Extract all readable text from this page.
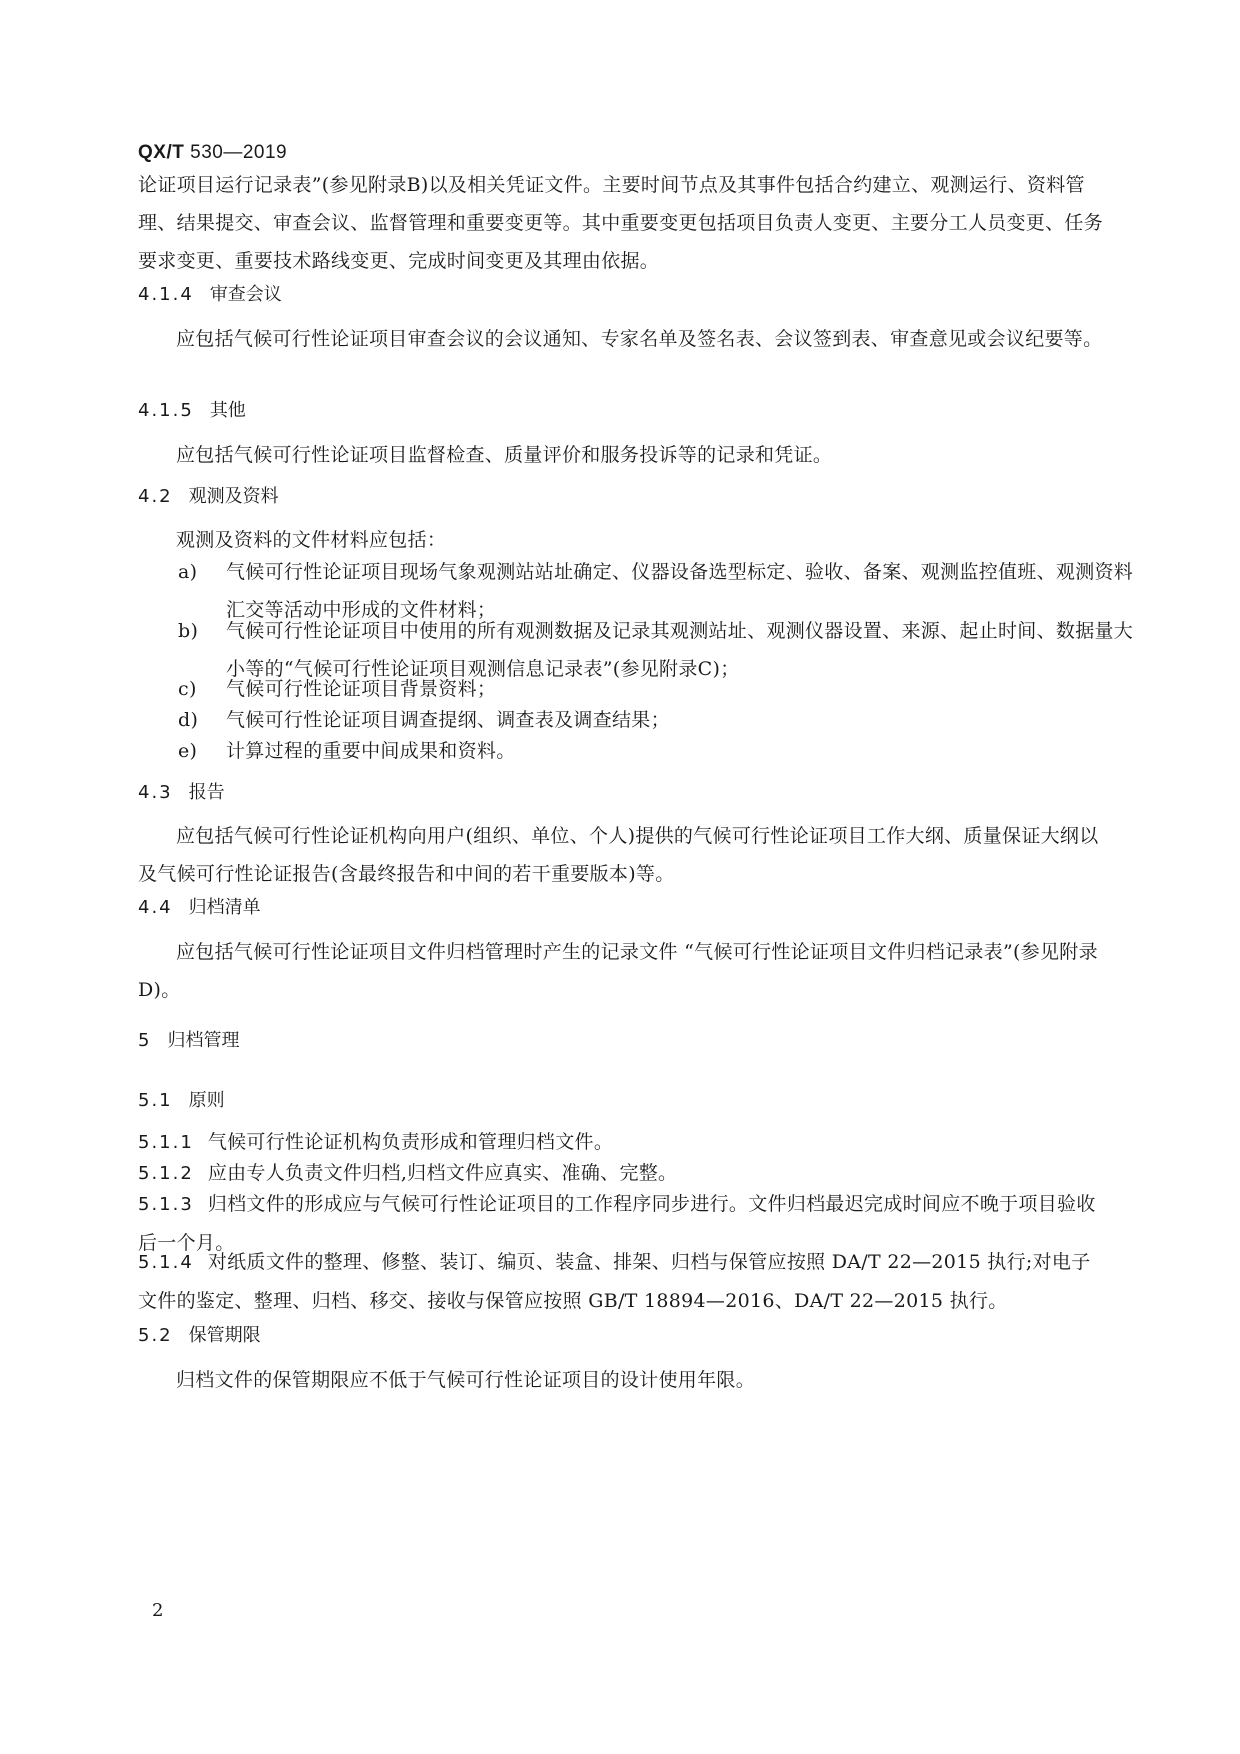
QX/T 530—2019

论证项目运行记录表”(参见附录B)以及相关凭证文件。主要时间节点及其事件包括合约建立、观测运行、资料管理、结果提交、审查会议、监督管理和重要变更等。其中重要变更包括项目负责人变更、主要分工人员变更、任务要求变更、重要技术路线变更、完成时间变更及其理由依据。

4.1.4 审查会议

应包括气候可行性论证项目审查会议的会议通知、专家名单及签名表、会议签到表、审查意见或会议纪要等。

4.1.5 其他

应包括气候可行性论证项目监督检查、质量评价和服务投诉等的记录和凭证。

4.2 观测及资料

观测及资料的文件材料应包括：

a) 气候可行性论证项目现场气象观测站站址确定、仪器设备选型标定、验收、备案、观测监控值班、观测资料汇交等活动中形成的文件材料；

b) 气候可行性论证项目中使用的所有观测数据及记录其观测站址、观测仪器设置、来源、起止时间、数据量大小等的“气候可行性论证项目观测信息记录表”(参见附录C)；

c) 气候可行性论证项目背景资料；

d) 气候可行性论证项目调查提纲、调查表及调查结果；

e) 计算过程的重要中间成果和资料。

4.3 报告

应包括气候可行性论证机构向用户(组织、单位、个人)提供的气候可行性论证项目工作大纲、质量保证大纲以及气候可行性论证报告(含最终报告和中间的若干重要版本)等。

4.4 归档清单

应包括气候可行性论证项目文件归档管理时产生的记录文件 “气候可行性论证项目文件归档记录表”(参见附录D)。

5 归档管理
5.1 原则

5.1.1 气候可行性论证机构负责形成和管理归档文件。

5.1.2 应由专人负责文件归档,归档文件应真实、准确、完整。

5.1.3 归档文件的形成应与气候可行性论证项目的工作程序同步进行。文件归档最迟完成时间应不晚于项目验收后一个月。

5.1.4 对纸质文件的整理、修整、装订、编页、装盒、排架、归档与保管应按照 DA/T 22—2015 执行;对电子文件的鉴定、整理、归档、移交、接收与保管应按照 GB/T 18894—2016、DA/T 22—2015 执行。

5.2 保管期限

归档文件的保管期限应不低于气候可行性论证项目的设计使用年限。

2
